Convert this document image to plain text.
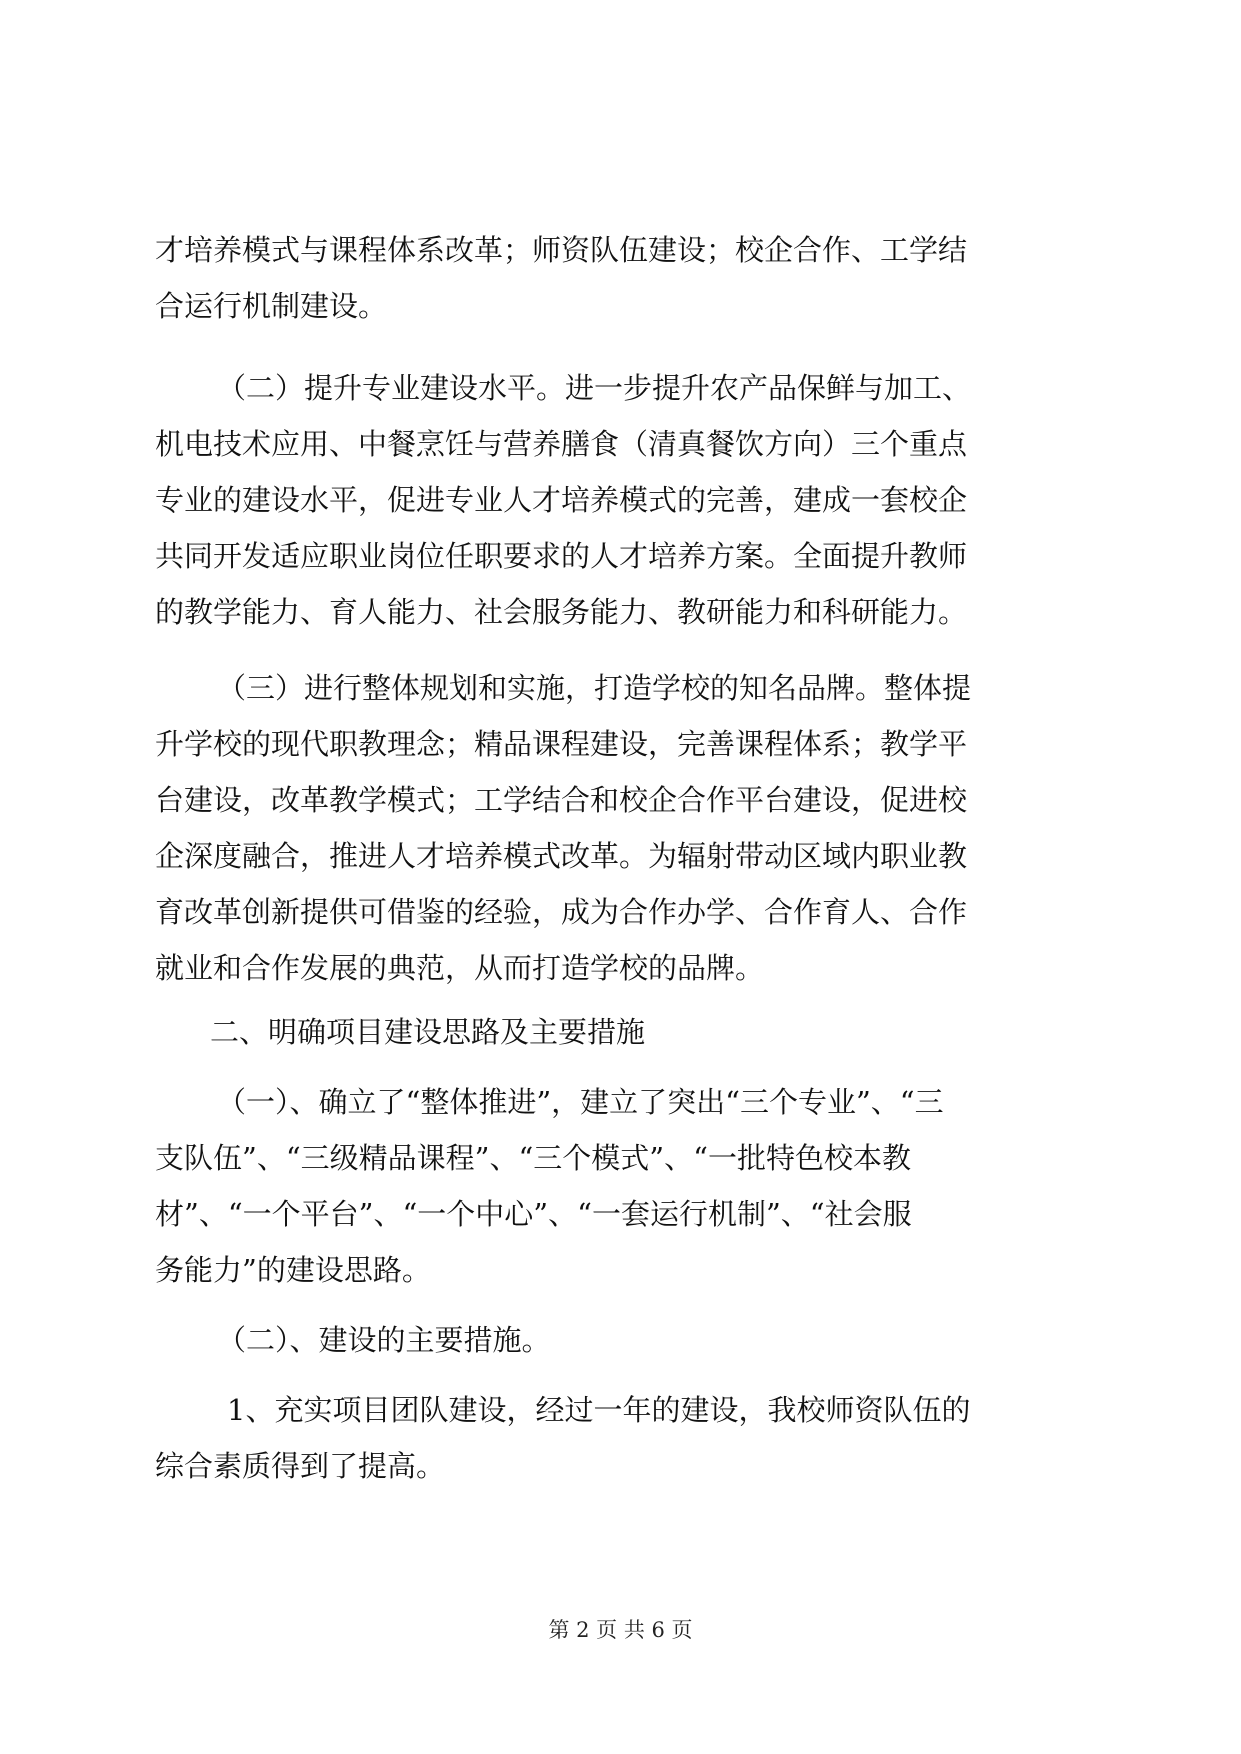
才培养模式与课程体系改革；师资队伍建设；校企合作、工学结
合运行机制建设。
（二）提升专业建设水平。进一步提升农产品保鲜与加工、
机电技术应用、中餐烹饪与营养膳食（清真餐饮方向）三个重点
专业的建设水平，促进专业人才培养模式的完善，建成一套校企
共同开发适应职业岗位任职要求的人才培养方案。全面提升教师
的教学能力、育人能力、社会服务能力、教研能力和科研能力。
（三）进行整体规划和实施，打造学校的知名品牌。整体提
升学校的现代职教理念；精品课程建设，完善课程体系；教学平
台建设，改革教学模式；工学结合和校企合作平台建设，促进校
企深度融合，推进人才培养模式改革。为辐射带动区域内职业教
育改革创新提供可借鉴的经验，成为合作办学、合作育人、合作
就业和合作发展的典范，从而打造学校的品牌。
二、明确项目建设思路及主要措施
（一）、确立了“整体推进”，建立了突出“三个专业”、“三
支队伍”、“三级精品课程”、“三个模式”、“一批特色校本教
材”、“一个平台”、“一个中心”、“一套运行机制”、“社会服
务能力”的建设思路。
（二）、建设的主要措施。
1、充实项目团队建设，经过一年的建设，我校师资队伍的
综合素质得到了提高。
第 2 页 共 6 页
